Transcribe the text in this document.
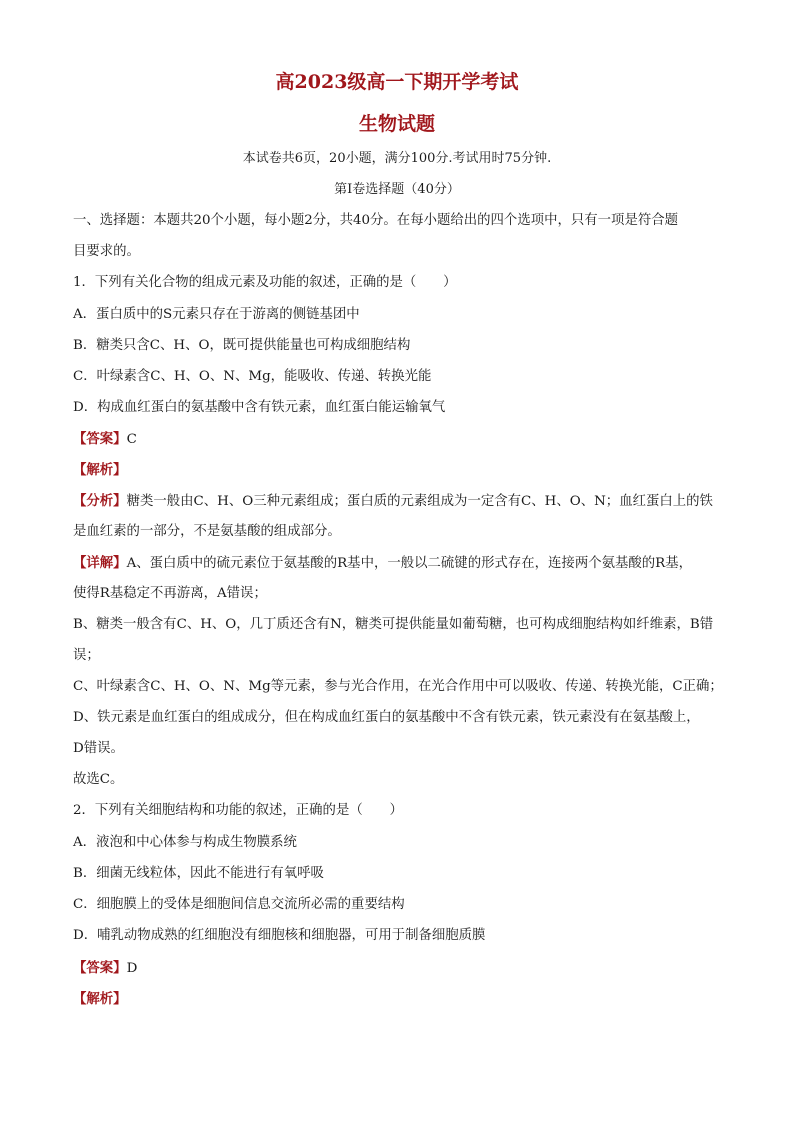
高2023级高一下期开学考试
生物试题
本试卷共6页，20小题，满分100分.考试用时75分钟.
第I卷选择题（40分）
一、选择题：本题共20个小题，每小题2分，共40分。在每小题给出的四个选项中，只有一项是符合题
目要求的。
1．下列有关化合物的组成元素及功能的叙述，正确的是（　　）
A．蛋白质中的S元素只存在于游离的侧链基团中
B．糖类只含C、H、O，既可提供能量也可构成细胞结构
C．叶绿素含C、H、O、N、Mg，能吸收、传递、转换光能
D．构成血红蛋白的氨基酸中含有铁元素，血红蛋白能运输氧气
【答案】C
【解析】
【分析】糖类一般由C、H、O三种元素组成；蛋白质的元素组成为一定含有C、H、O、N；血红蛋白上的铁
是血红素的一部分，不是氨基酸的组成部分。
【详解】A、蛋白质中的硫元素位于氨基酸的R基中，一般以二硫键的形式存在，连接两个氨基酸的R基，
使得R基稳定不再游离，A错误；
B、糖类一般含有C、H、O，几丁质还含有N，糖类可提供能量如葡萄糖，也可构成细胞结构如纤维素，B错
误；
C、叶绿素含C、H、O、N、Mg等元素，参与光合作用，在光合作用中可以吸收、传递、转换光能，C正确；
D、铁元素是血红蛋白的组成成分，但在构成血红蛋白的氨基酸中不含有铁元素，铁元素没有在氨基酸上，
D错误。
故选C。
2．下列有关细胞结构和功能的叙述，正确的是（　　）
A．液泡和中心体参与构成生物膜系统
B．细菌无线粒体，因此不能进行有氧呼吸
C．细胞膜上的受体是细胞间信息交流所必需的重要结构
D．哺乳动物成熟的红细胞没有细胞核和细胞器，可用于制备细胞质膜
【答案】D
【解析】
